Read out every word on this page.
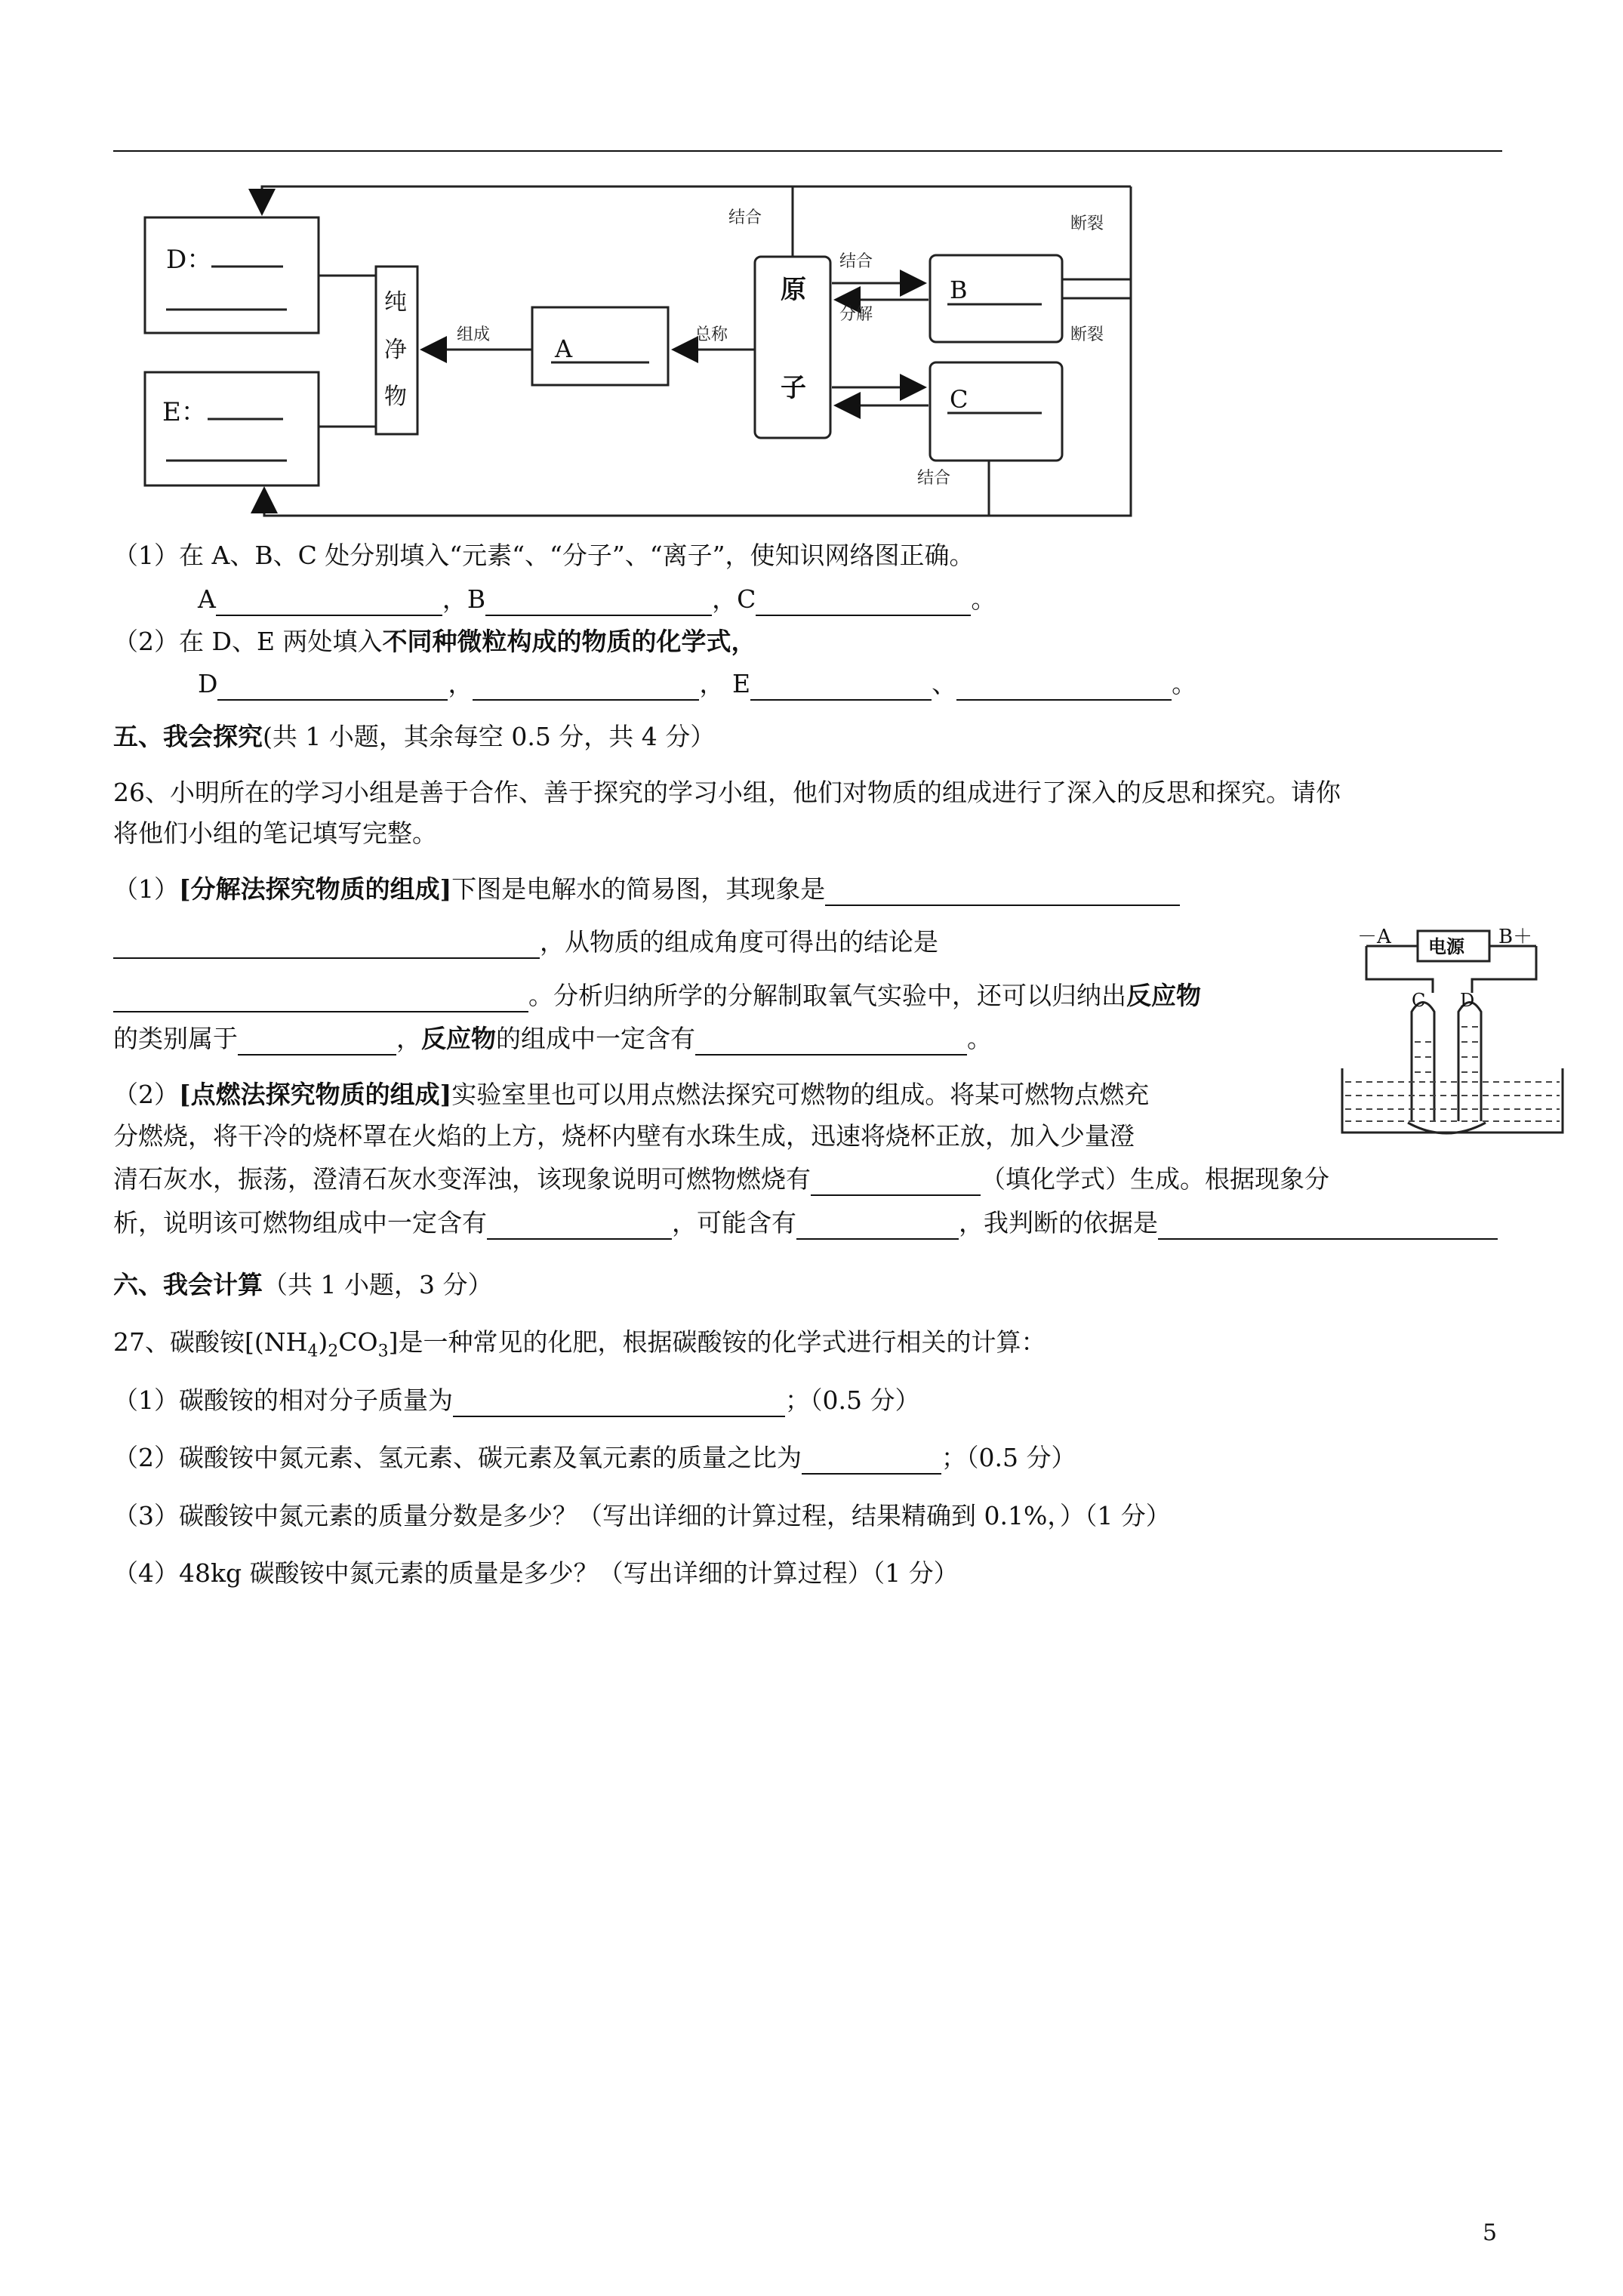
D：
E：
纯
净
物
A
原
子
B
C
组成	总称
结合
结合
分解
结合
断裂
断裂
（1）在 A、B、C 处分别填入“元素“、“分子”、“离子”，使知识网络图正确。
A	，B	，C	。
（2）在 D、E 两处填入不同种微粒构成的物质的化学式，
D	，	， E	、	。
五、我会探究(共 1 小题，其余每空 0.5 分，共 4 分）
26、小明所在的学习小组是善于合作、善于探究的学习小组，他们对物质的组成进行了深入的反思和探究。请你
将他们小组的笔记填写完整。
（1）[分解法探究物质的组成]下图是电解水的简易图，其现象是
，从物质的组成角度可得出的结论是
。分析归纳所学的分解制取氧气实验中，还可以归纳出反应物
的类别属于	，反应物的组成中一定含有	。
（2）[点燃法探究物质的组成]实验室里也可以用点燃法探究可燃物的组成。将某可燃物点燃充
分燃烧，将干冷的烧杯罩在火焰的上方，烧杯内壁有水珠生成，迅速将烧杯正放，加入少量澄
清石灰水，振荡，澄清石灰水变浑浊，该现象说明可燃物燃烧有	（填化学式）生成。根据现象分
析，说明该可燃物组成中一定含有	，可能含有	，我判断的依据是
－A 电源 B＋
C D
六、我会计算（共 1 小题，3 分）
27、碳酸铵$[(NH_4)_2CO_3]$是一种常见的化肥，根据碳酸铵的化学式进行相关的计算：
（1）碳酸铵的相对分子质量为	；（0.5 分）
（2）碳酸铵中氮元素、氢元素、碳元素及氧元素的质量之比为	；（0.5 分）
（3）碳酸铵中氮元素的质量分数是多少？（写出详细的计算过程，结果精确到 0.1%，）（1 分）
（4）48kg 碳酸铵中氮元素的质量是多少？（写出详细的计算过程）（1 分）
5
